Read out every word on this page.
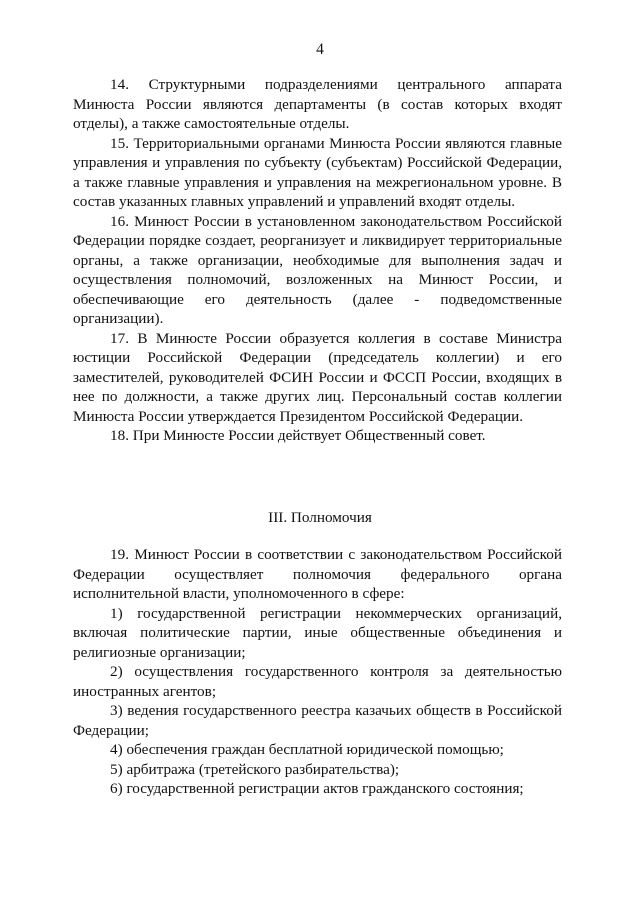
4

14. Структурными подразделениями центрального аппарата Минюста России являются департаменты (в состав которых входят отделы), а также самостоятельные отделы.

15. Территориальными органами Минюста России являются главные управления и управления по субъекту (субъектам) Российской Федерации, а также главные управления и управления на межрегиональном уровне. В состав указанных главных управлений и управлений входят отделы.

16. Минюст России в установленном законодательством Российской Федерации порядке создает, реорганизует и ликвидирует территориальные органы, а также организации, необходимые для выполнения задач и осуществления полномочий, возложенных на Минюст России, и обеспечивающие его деятельность (далее - подведомственные организации).

17. В Минюсте России образуется коллегия в составе Министра юстиции Российской Федерации (председатель коллегии) и его заместителей, руководителей ФСИН России и ФССП России, входящих в нее по должности, а также других лиц. Персональный состав коллегии Минюста России утверждается Президентом Российской Федерации.

18. При Минюсте России действует Общественный совет.

III. Полномочия

19. Минюст России в соответствии с законодательством Российской Федерации осуществляет полномочия федерального органа исполнительной власти, уполномоченного в сфере:

1) государственной регистрации некоммерческих организаций, включая политические партии, иные общественные объединения и религиозные организации;

2) осуществления государственного контроля за деятельностью иностранных агентов;

3) ведения государственного реестра казачьих обществ в Российской Федерации;

4) обеспечения граждан бесплатной юридической помощью;

5) арбитража (третейского разбирательства);

6) государственной регистрации актов гражданского состояния;
